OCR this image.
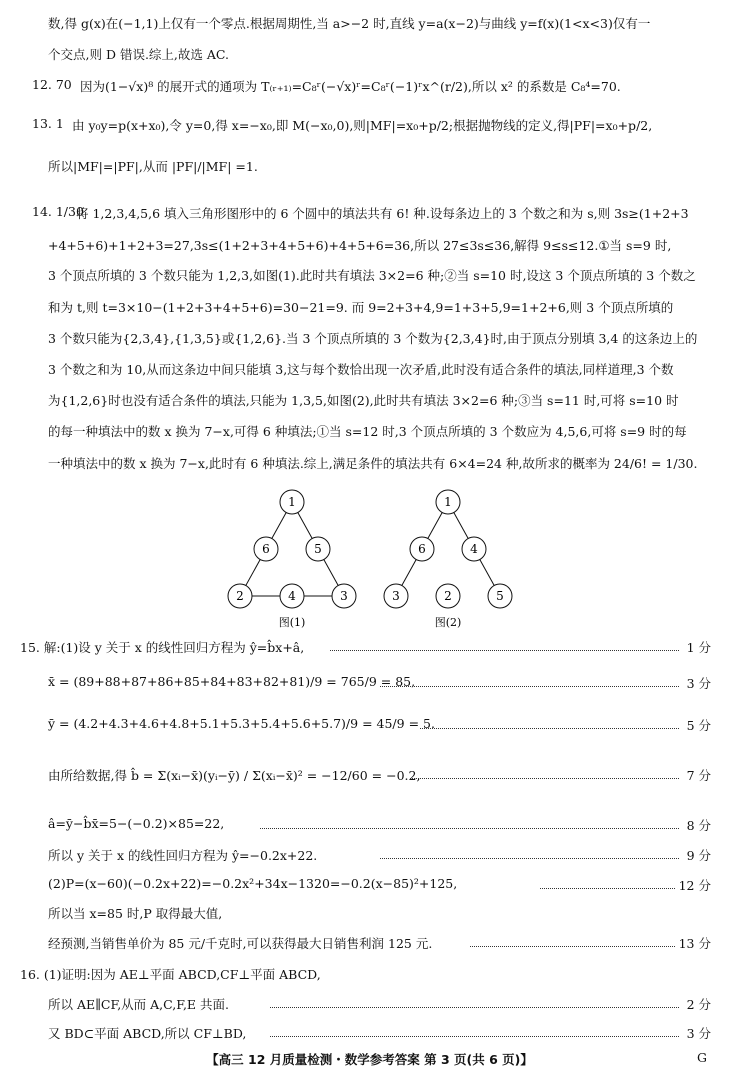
数,得 g(x)在(−1,1)上仅有一个零点.根据周期性,当 a>−2 时,直线 y=a(x−2)与曲线 y=f(x)(1<x<3)仅有一
个交点,则 D 错误.综上,故选 AC.
12. 70 因为(1−√x)⁸ 的展开式的通项为 T₍ᵣ₊₁₎=C₈ʳ(−√x)ʳ=C₈ʳ(−1)ʳx^(r/2),所以 x² 的系数是 C₈⁴=70.
13. 1 由 y₀y=p(x+x₀),令 y=0,得 x=−x₀,即 M(−x₀,0),则|MF|=x₀+p/2;根据抛物线的定义,得|PF|=x₀+p/2,
所以|MF|=|PF|,从而 |PF|/|MF| =1.
14. 1/30
将 1,2,3,4,5,6 填入三角形图形中的 6 个圆中的填法共有 6! 种.设每条边上的 3 个数之和为 s,则 3s≥(1+2+3
+4+5+6)+1+2+3=27,3s≤(1+2+3+4+5+6)+4+5+6=36,所以 27≤3s≤36,解得 9≤s≤12.①当 s=9 时,
3 个顶点所填的 3 个数只能为 1,2,3,如图(1).此时共有填法 3×2=6 种;②当 s=10 时,设这 3 个顶点所填的 3 个数之
和为 t,则 t=3×10−(1+2+3+4+5+6)=30−21=9. 而 9=2+3+4,9=1+3+5,9=1+2+6,则 3 个顶点所填的
3 个数只能为{2,3,4},{1,3,5}或{1,2,6}.当 3 个顶点所填的 3 个数为{2,3,4}时,由于顶点分别填 3,4 的这条边上的
3 个数之和为 10,从而这条边中间只能填 3,这与每个数恰出现一次矛盾,此时没有适合条件的填法,同样道理,3 个数
为{1,2,6}时也没有适合条件的填法,只能为 1,3,5,如图(2),此时共有填法 3×2=6 种;③当 s=11 时,可将 s=10 时
的每一种填法中的数 x 换为 7−x,可得 6 种填法;①当 s=12 时,3 个顶点所填的 3 个数应为 4,5,6,可将 s=9 时的每
一种填法中的数 x 换为 7−x,此时有 6 种填法.综上,满足条件的填法共有 6×4=24 种,故所求的概率为 24/6! = 1/30.
1
6	5
2	4	3
图(1)
1
6	4
3	2	5
图(2)
15. 解:(1)设 y 关于 x 的线性回归方程为 ŷ=b̂x+â,	1 分
x̄ = (89+88+87+86+85+84+83+82+81)/9 = 765/9 = 85,	3 分
ȳ = (4.2+4.3+4.6+4.8+5.1+5.3+5.4+5.6+5.7)/9 = 45/9 = 5.	5 分
由所给数据,得 b̂ = Σ(xᵢ−x̄)(yᵢ−ȳ) / Σ(xᵢ−x̄)² = −12/60 = −0.2,	7 分
â=ȳ−b̂x̄=5−(−0.2)×85=22,	8 分
所以 y 关于 x 的线性回归方程为 ŷ=−0.2x+22.	9 分
(2)P=(x−60)(−0.2x+22)=−0.2x²+34x−1320=−0.2(x−85)²+125,	12 分
所以当 x=85 时,P 取得最大值,
经预测,当销售单价为 85 元/千克时,可以获得最大日销售利润 125 元.	13 分
16. (1)证明:因为 AE⊥平面 ABCD,CF⊥平面 ABCD,
所以 AE∥CF,从而 A,C,F,E 共面.	2 分
又 BD⊂平面 ABCD,所以 CF⊥BD,	3 分
【高三 12 月质量检测・数学参考答案 第 3 页(共 6 页)】	G
